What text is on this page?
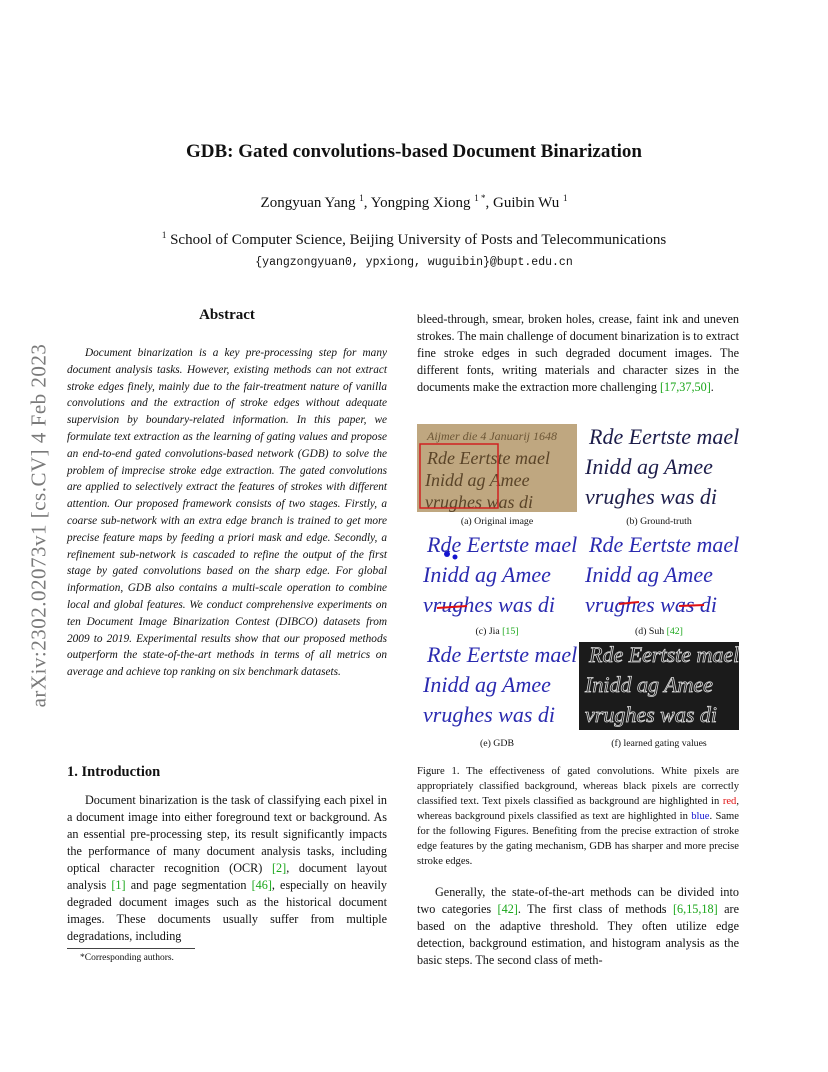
arXiv:2302.02073v1 [cs.CV] 4 Feb 2023
GDB: Gated convolutions-based Document Binarization
Zongyuan Yang $^1$, Yongping Xiong $^{1 *}$, Guibin Wu $^1$
$^1$ School of Computer Science, Beijing University of Posts and Telecommunications
{yangzongyuan0, ypxiong, wuguibin}@bupt.edu.cn
Abstract
Document binarization is a key pre-processing step for many document analysis tasks. However, existing methods can not extract stroke edges finely, mainly due to the fair-treatment nature of vanilla convolutions and the extraction of stroke edges without adequate supervision by boundary-related information. In this paper, we formulate text extraction as the learning of gating values and propose an end-to-end gated convolutions-based network (GDB) to solve the problem of imprecise stroke edge extraction. The gated convolutions are applied to selectively extract the features of strokes with different attention. Our proposed framework consists of two stages. Firstly, a coarse sub-network with an extra edge branch is trained to get more precise feature maps by feeding a priori mask and edge. Secondly, a refinement sub-network is cascaded to refine the output of the first stage by gated convolutions based on the sharp edge. For global information, GDB also contains a multi-scale operation to combine local and global features. We conduct comprehensive experiments on ten Document Image Binarization Contest (DIBCO) datasets from 2009 to 2019. Experimental results show that our proposed methods outperform the state-of-the-art methods in terms of all metrics on average and achieve top ranking on six benchmark datasets.
1. Introduction
Document binarization is the task of classifying each pixel in a document image into either foreground text or background. As an essential pre-processing step, its result significantly impacts the performance of many document analysis tasks, including optical character recognition (OCR) [2], document layout analysis [1] and page segmentation [46], especially on heavily degraded document images such as the historical document images. These documents usually suffer from multiple degradations, including
*Corresponding authors.
bleed-through, smear, broken holes, crease, faint ink and uneven strokes. The main challenge of document binarization is to extract fine stroke edges in such degraded document images. The different fonts, writing materials and character sizes in the documents make the extraction more challenging [17,37,50].
Aijmer die 4 Januarij 1648
Rde Eertste mael
Inidd ag Amee
vrughes was di
(a) Original image	(b) Ground-truth
(c) Jia [15]	(d) Suh [42]
(e) GDB	(f) learned gating values
Figure 1. The effectiveness of gated convolutions. White pixels are appropriately classified background, whereas black pixels are correctly classified text. Text pixels classified as background are highlighted in red, whereas background pixels classified as text are highlighted in blue. Same for the following Figures. Benefiting from the precise extraction of stroke edge features by the gating mechanism, GDB has sharper and more precise stroke edges.
Generally, the state-of-the-art methods can be divided into two categories [42]. The first class of methods [6,15,18] are based on the adaptive threshold. They often utilize edge detection, background estimation, and histogram analysis as the basic steps. The second class of meth-
